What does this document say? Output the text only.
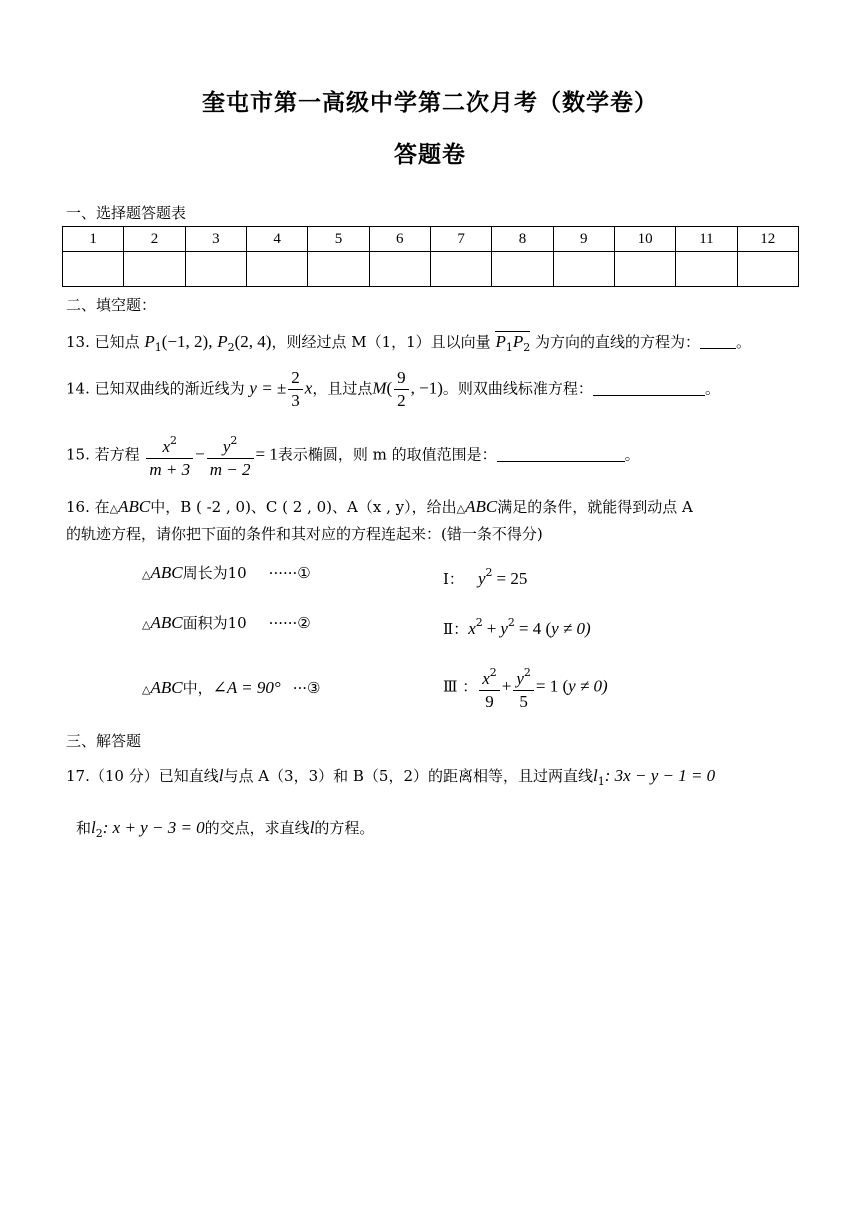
奎屯市第一高级中学第二次月考（数学卷）
答题卷
一、选择题答题表
1	2	3	4	5	6	7	8	9	10	11	12

二、填空题：
13. 已知点 $P_1(-1$, 2), $P_2(2$, 4)，则经过点 M（1，1）且以向量 $P_1P_2$ 为方向的直线的方程为： 。
14. 已知双曲线的渐近线为 y = ± $\frac{2}{3}$ x，且过点$M( \frac{9}{2}$ , −1)。则双曲线标准方程：	。
15. 若方程 $\frac{x^2}{m + 3} - \frac{y^2}{m - 2} = 1$表示椭圆，则 m 的取值范围是：	。
16. 在△ABC中，B ( -2 , 0)、C ( 2 , 0)、A（x , y），给出△ABC满足的条件，就能得到动点 A
的轨迹方程，请你把下面的条件和其对应的方程连起来：(错一条不得分)
△ABC周长为10 ······①
△ABC面积为10 ······②
△ABC中，∠A = 90° ···③
Ⅰ： $y^2 = 25$
Ⅱ：$x^2 + y^2 = 4$ (y ≠ 0)
Ⅲ ： $\frac{x^2}{9} + \frac{y^2}{5} = 1$ (y ≠ 0)
三、解答题
17.（10 分）已知直线l与点 A（3，3）和 B（5，2）的距离相等，且过两直线$l_1$: 3x − y − 1 = 0
和$l_2$: x + y − 3 = 0的交点，求直线l的方程。
